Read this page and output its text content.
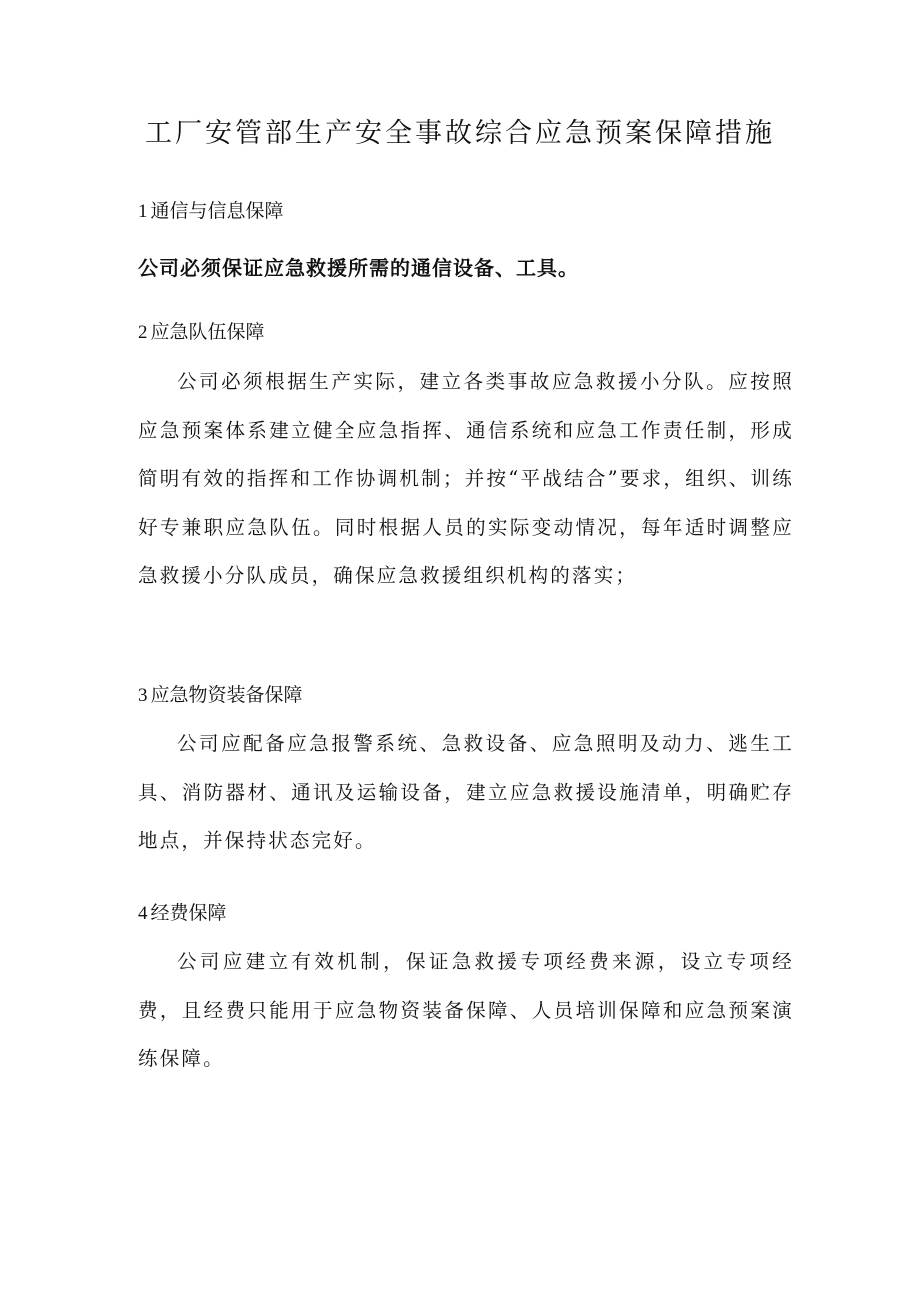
工厂安管部生产安全事故综合应急预案保障措施
1 通信与信息保障

公司必须保证应急救援所需的通信设备、工具。

2 应急队伍保障

公司必须根据生产实际，建立各类事故应急救援小分队。应按照应急预案体系建立健全应急指挥、通信系统和应急工作责任制，形成简明有效的指挥和工作协调机制；并按“平战结合”要求，组织、训练好专兼职应急队伍。同时根据人员的实际变动情况，每年适时调整应急救援小分队成员，确保应急救援组织机构的落实；

3 应急物资装备保障

公司应配备应急报警系统、急救设备、应急照明及动力、逃生工具、消防器材、通讯及运输设备，建立应急救援设施清单，明确贮存地点，并保持状态完好。

4 经费保障

公司应建立有效机制，保证急救援专项经费来源，设立专项经费，且经费只能用于应急物资装备保障、人员培训保障和应急预案演练保障。
